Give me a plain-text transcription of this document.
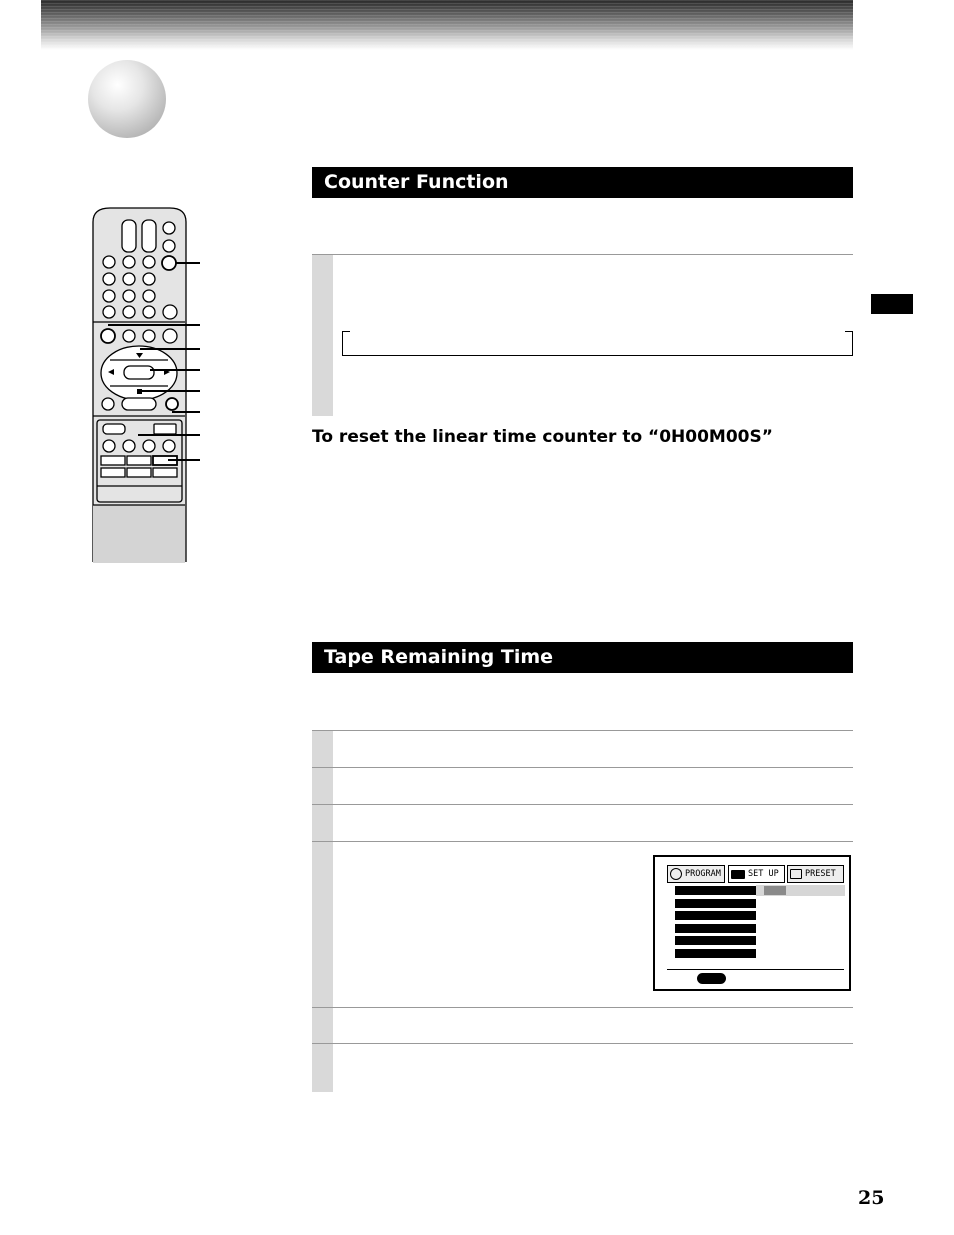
Counter Function
To reset the linear time counter to “0H00M00S”
Tape Remaining Time
PROGRAM	SET UP	PRESET
25
